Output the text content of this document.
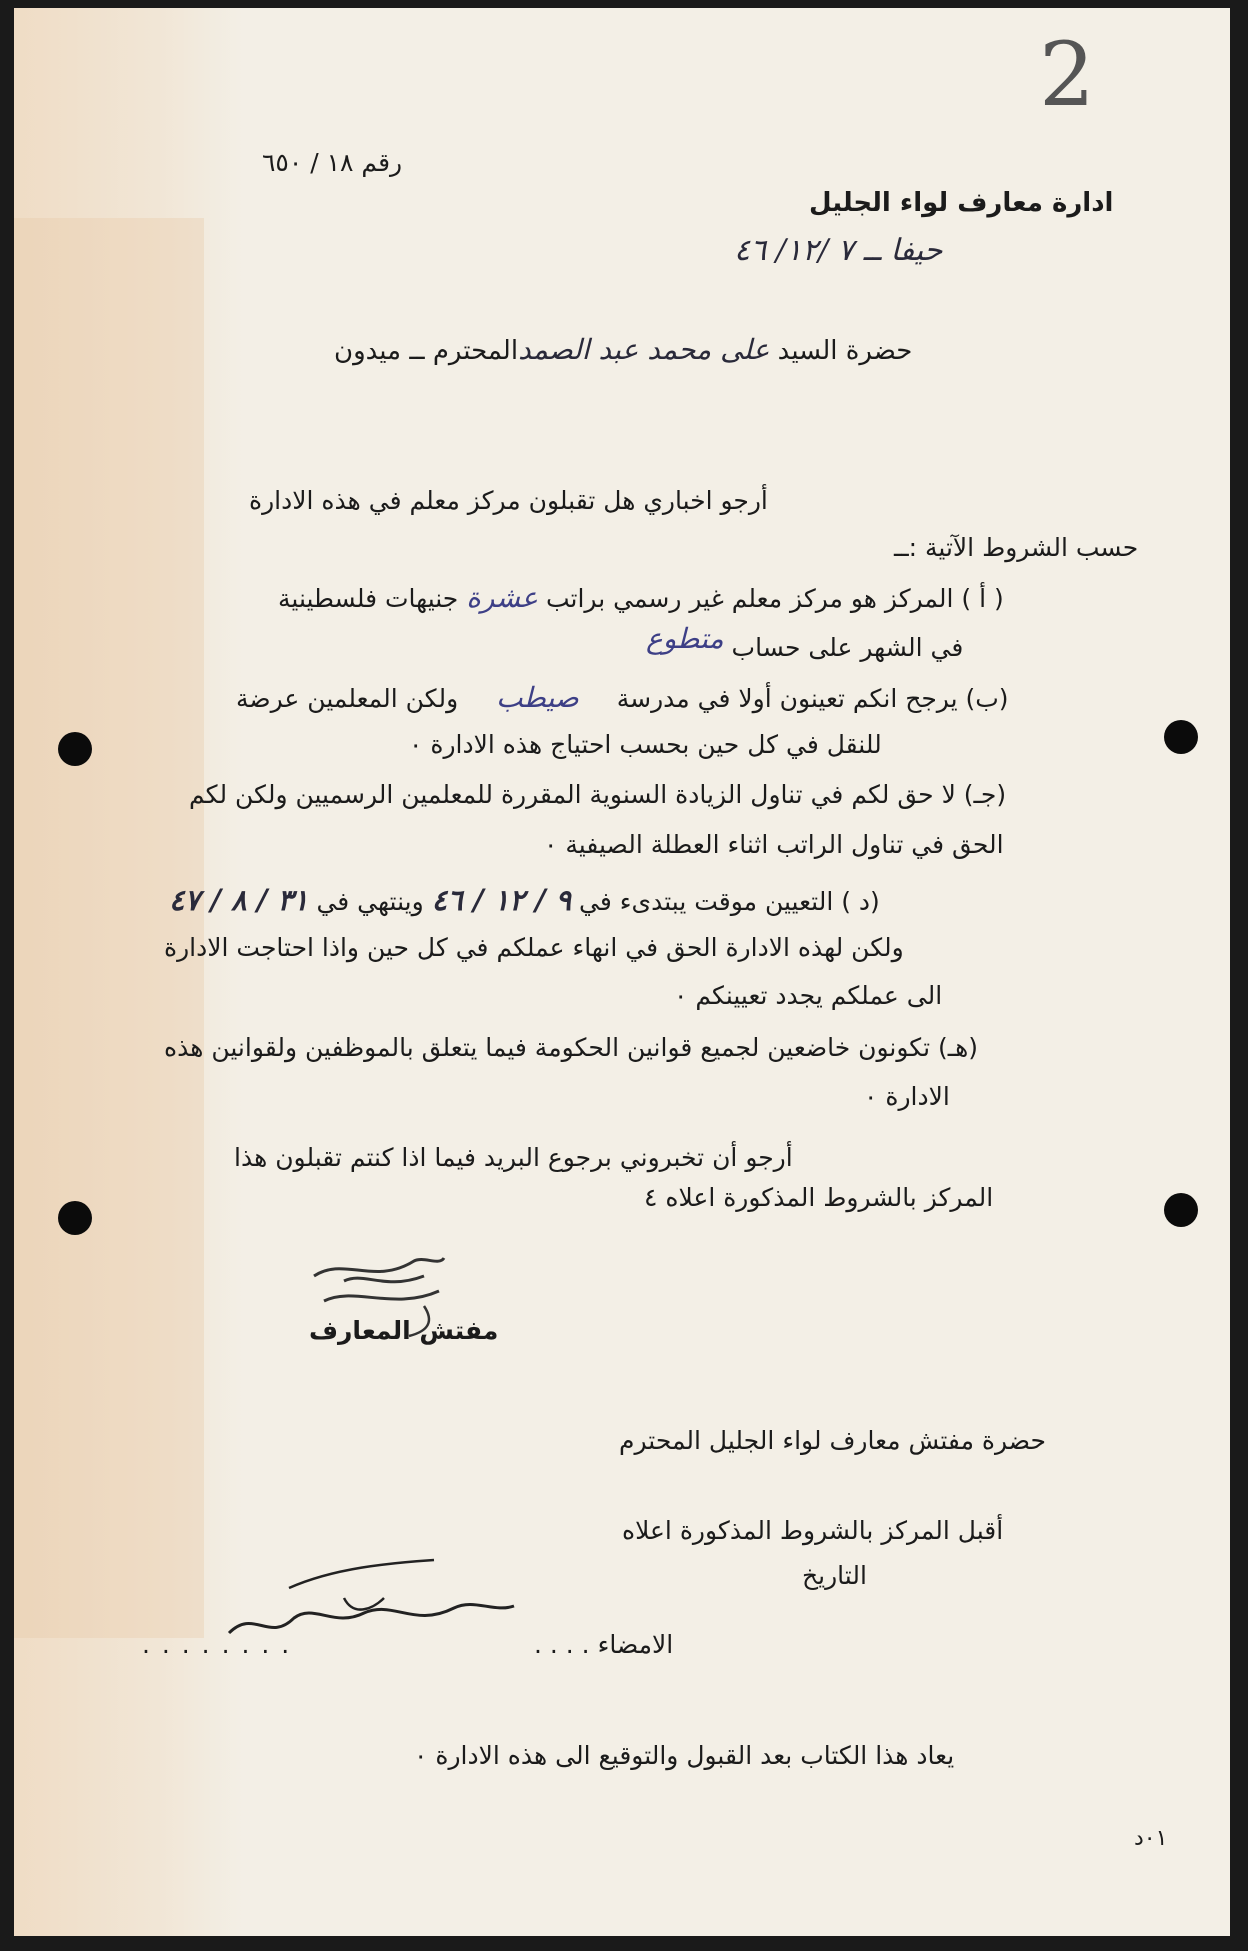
2
رقم ١٨ / ٦٥٠
ادارة معارف لواء الجليل
حيفا ــ ٧ /١٢/ ٤٦
حضرة السيد على محمد عبد الصمدالمحترم ــ ميدون
أرجو اخباري هل تقبلون مركز معلم في هذه الادارة
حسب الشروط الآتية :ــ
( أ ) المركز هو مركز معلم غير رسمي براتب عشرة جنيهات فلسطينية
في الشهر على حساب متطوع
(ب) يرجح انكم تعينون أولا في مدرسة صيطب ولكن المعلمين عرضة
للنقل في كل حين بحسب احتياج هذه الادارة ٠
(جـ) لا حق لكم في تناول الزيادة السنوية المقررة للمعلمين الرسميين ولكن لكم
الحق في تناول الراتب اثناء العطلة الصيفية ٠
(د ) التعيين موقت يبتدىء في ٩ / ١٢ / ٤٦ وينتهي في ٣١ / ٨ / ٤٧
ولكن لهذه الادارة الحق في انهاء عملكم في كل حين واذا احتاجت الادارة
الى عملكم يجدد تعيينكم ٠
(هـ) تكونون خاضعين لجميع قوانين الحكومة فيما يتعلق بالموظفين ولقوانين هذه
الادارة ٠
أرجو أن تخبروني برجوع البريد فيما اذا كنتم تقبلون هذا
المركز بالشروط المذكورة اعلاه ٤
مفتش المعارف
حضرة مفتش معارف لواء الجليل المحترم
أقبل المركز بالشروط المذكورة اعلاه
التاريخ
. . . . . . . .	الامضاء . . . .
يعاد هذا الكتاب بعد القبول والتوقيع الى هذه الادارة ٠
٠١د
